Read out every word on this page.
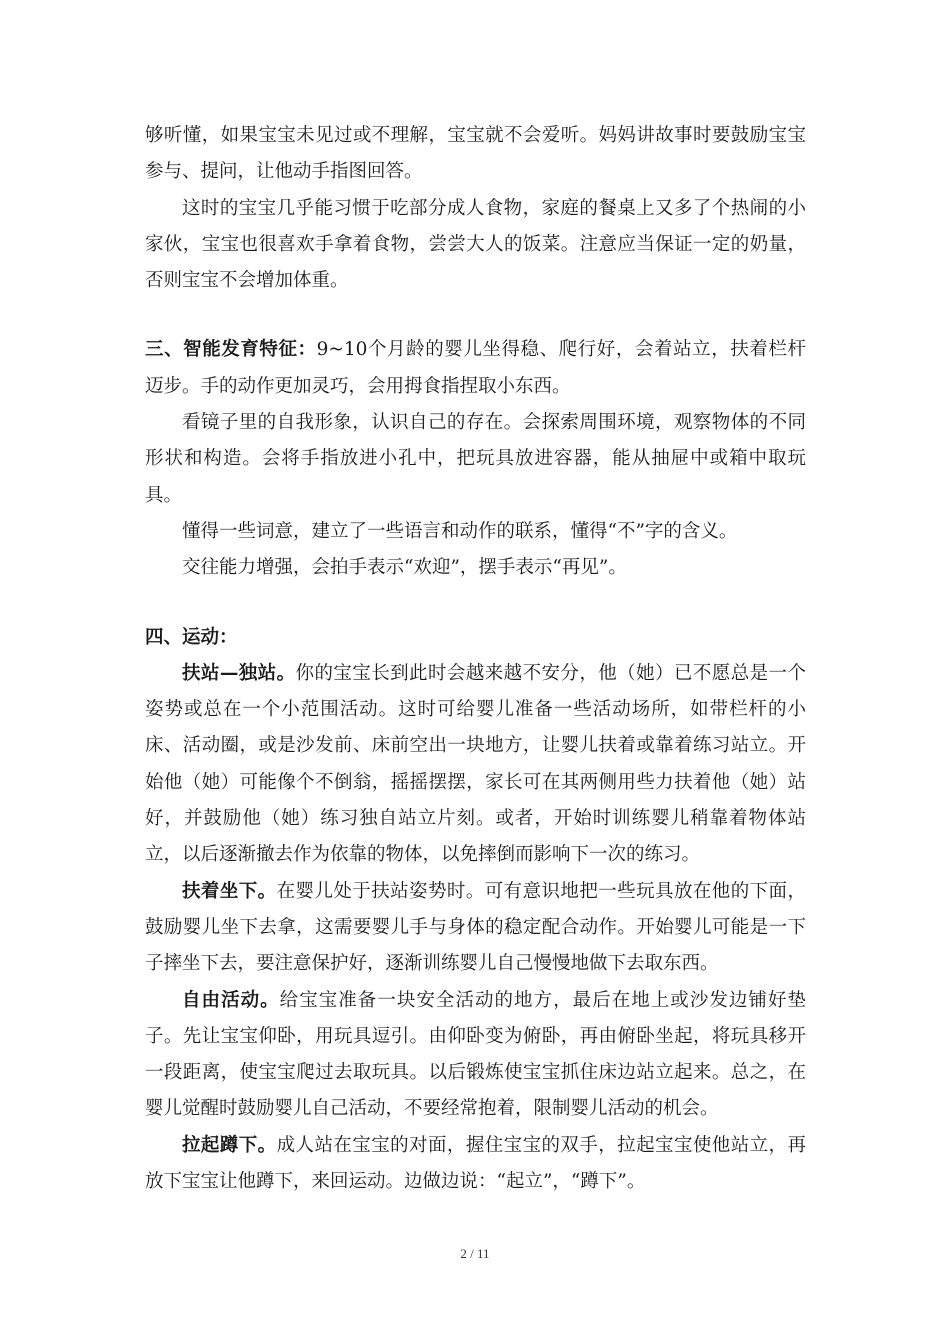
够听懂，如果宝宝未见过或不理解，宝宝就不会爱听。妈妈讲故事时要鼓励宝宝参与、提问，让他动手指图回答。

这时的宝宝几乎能习惯于吃部分成人食物，家庭的餐桌上又多了个热闹的小家伙，宝宝也很喜欢手拿着食物，尝尝大人的饭菜。注意应当保证一定的奶量，否则宝宝不会增加体重。

三、智能发育特征：9~10个月龄的婴儿坐得稳、爬行好，会着站立，扶着栏杆迈步。手的动作更加灵巧，会用拇食指捏取小东西。

看镜子里的自我形象，认识自己的存在。会探索周围环境，观察物体的不同形状和构造。会将手指放进小孔中，把玩具放进容器，能从抽屉中或箱中取玩具。

懂得一些词意，建立了一些语言和动作的联系，懂得“不”字的含义。

交往能力增强，会拍手表示“欢迎”，摆手表示“再见”。

四、运动：

扶站—独站。你的宝宝长到此时会越来越不安分，他（她）已不愿总是一个姿势或总在一个小范围活动。这时可给婴儿准备一些活动场所，如带栏杆的小床、活动圈，或是沙发前、床前空出一块地方，让婴儿扶着或靠着练习站立。开始他（她）可能像个不倒翁，摇摇摆摆，家长可在其两侧用些力扶着他（她）站好，并鼓励他（她）练习独自站立片刻。或者，开始时训练婴儿稍靠着物体站立，以后逐渐撤去作为依靠的物体，以免摔倒而影响下一次的练习。

扶着坐下。在婴儿处于扶站姿势时。可有意识地把一些玩具放在他的下面，鼓励婴儿坐下去拿，这需要婴儿手与身体的稳定配合动作。开始婴儿可能是一下子摔坐下去，要注意保护好，逐渐训练婴儿自己慢慢地做下去取东西。

自由活动。给宝宝准备一块安全活动的地方，最后在地上或沙发边铺好垫子。先让宝宝仰卧，用玩具逗引。由仰卧变为俯卧，再由俯卧坐起，将玩具移开一段距离，使宝宝爬过去取玩具。以后锻炼使宝宝抓住床边站立起来。总之，在婴儿觉醒时鼓励婴儿自己活动，不要经常抱着，限制婴儿活动的机会。

拉起蹲下。成人站在宝宝的对面，握住宝宝的双手，拉起宝宝使他站立，再放下宝宝让他蹲下，来回运动。边做边说：“起立”，“蹲下”。

2 / 11
